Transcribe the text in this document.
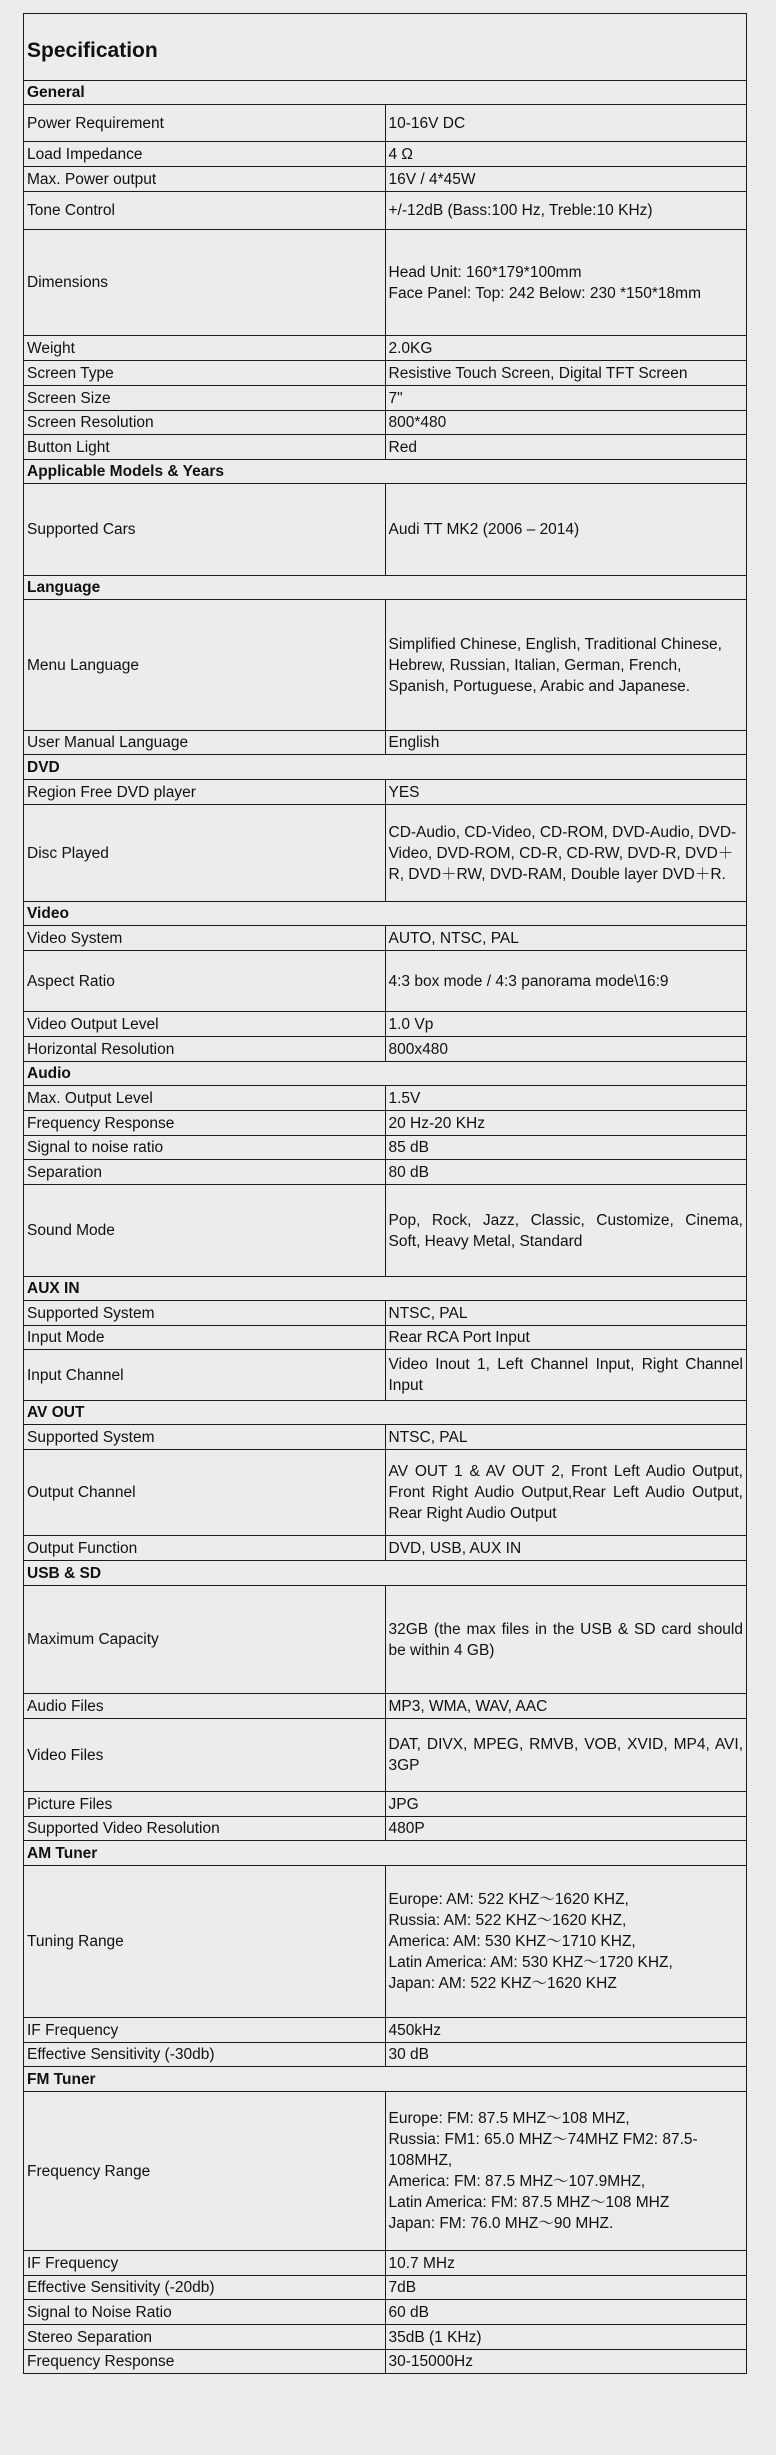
Specification	
General	
Power Requirement	10-16V DC
Load Impedance	4 Ω
Max. Power output	16V / 4*45W
Tone Control	+/-12dB (Bass:100 Hz, Treble:10 KHz)
Dimensions	Head Unit: 160*179*100mm
Face Panel: Top: 242 Below: 230 *150*18mm

Weight	2.0KG
Screen Type	Resistive Touch Screen, Digital TFT Screen
Screen Size	7"
Screen Resolution	800*480
Button Light	Red
Applicable Models & Years	
Supported Cars	Audi TT MK2 (2006 – 2014)
Language	
Menu Language	Simplified Chinese, English, Traditional Chinese, Hebrew, Russian, Italian, German, French, Spanish, Portuguese, Arabic and Japanese.
User Manual Language	English
DVD	
Region Free DVD player	YES
Disc Played	CD-Audio, CD-Video, CD-ROM, DVD-Audio, DVD-Video, DVD-ROM, CD-R, CD-RW, DVD-R, DVD＋R, DVD＋RW, DVD-RAM, Double layer DVD＋R.
Video	
Video System	AUTO, NTSC, PAL
Aspect Ratio	4:3 box mode / 4:3 panorama mode\16:9
Video Output Level	1.0 Vp
Horizontal Resolution	800x480
Audio	
Max. Output Level	1.5V
Frequency Response	20 Hz-20 KHz
Signal to noise ratio	85 dB
Separation	80 dB
Sound Mode	Pop, Rock, Jazz, Classic, Customize, Cinema, Soft, Heavy Metal, Standard
AUX IN	
Supported System	NTSC, PAL
Input Mode	Rear RCA Port Input
Input Channel	Video Inout 1, Left Channel Input, Right Channel Input
AV OUT	
Supported System	NTSC, PAL
Output Channel	AV OUT 1 & AV OUT 2, Front Left Audio Output, Front Right Audio Output,Rear Left Audio Output, Rear Right Audio Output
Output Function	DVD, USB, AUX IN
USB & SD	
Maximum Capacity	32GB (the max files in the USB & SD card should be within 4 GB)
Audio Files	MP3, WMA, WAV, AAC
Video Files	DAT, DIVX, MPEG, RMVB, VOB, XVID, MP4, AVI, 3GP
Picture Files	JPG
Supported Video Resolution	480P
AM Tuner	
Tuning Range	Europe: AM: 522 KHZ～1620 KHZ,
Russia: AM: 522 KHZ～1620 KHZ,
America: AM: 530 KHZ～1710 KHZ,
Latin America: AM: 530 KHZ～1720 KHZ,
Japan: AM: 522 KHZ～1620 KHZ

IF Frequency	450kHz
Effective Sensitivity (-30db)	30 dB
FM Tuner	
Frequency Range	Europe: FM: 87.5 MHZ～108 MHZ,
Russia: FM1: 65.0 MHZ～74MHZ FM2: 87.5-108MHZ,
America: FM: 87.5 MHZ～107.9MHZ,
Latin America: FM: 87.5 MHZ～108 MHZ
Japan: FM: 76.0 MHZ～90 MHZ.

IF Frequency	10.7 MHz
Effective Sensitivity (-20db)	7dB
Signal to Noise Ratio	60 dB
Stereo Separation	35dB (1 KHz)
Frequency Response	30-15000Hz
